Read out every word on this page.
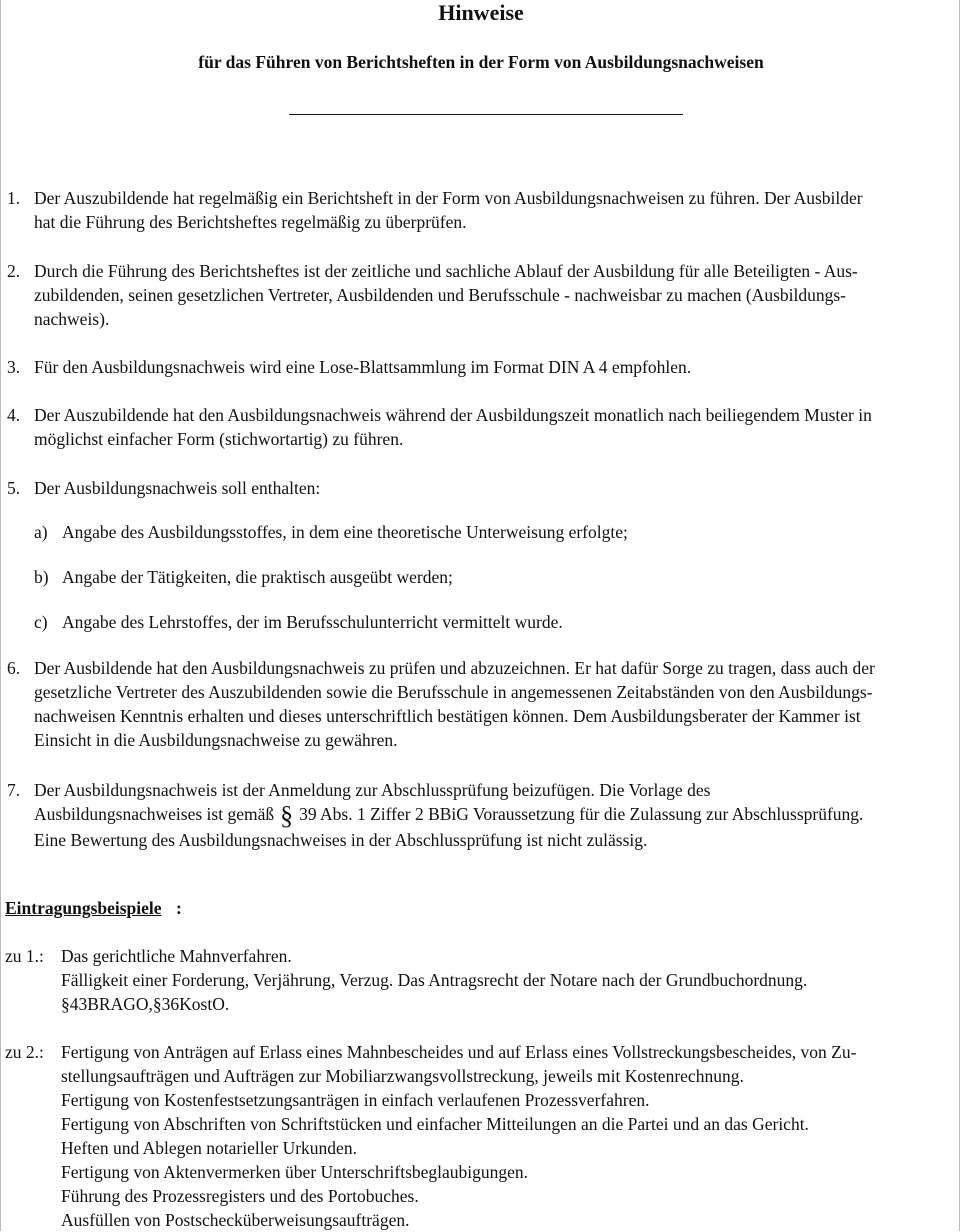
Hinweise
für das Führen von Berichtsheften in der Form von Ausbildungsnachweisen
1. Der Auszubildende hat regelmäßig ein Berichtsheft in der Form von Ausbildungsnachweisen zu führen. Der Ausbilder
hat die Führung des Berichtsheftes regelmäßig zu überprüfen.
2. Durch die Führung des Berichtsheftes ist der zeitliche und sachliche Ablauf der Ausbildung für alle Beteiligten - Aus-
zubildenden, seinen gesetzlichen Vertreter, Ausbildenden und Berufsschule - nachweisbar zu machen (Ausbildungs-
nachweis).
3. Für den Ausbildungsnachweis wird eine Lose-Blattsammlung im Format DIN A 4 empfohlen.
4. Der Auszubildende hat den Ausbildungsnachweis während der Ausbildungszeit monatlich nach beiliegendem Muster in
möglichst einfacher Form (stichwortartig) zu führen.
5. Der Ausbildungsnachweis soll enthalten:
a) Angabe des Ausbildungsstoffes, in dem eine theoretische Unterweisung erfolgte;
b) Angabe der Tätigkeiten, die praktisch ausgeübt werden;
c) Angabe des Lehrstoffes, der im Berufsschulunterricht vermittelt wurde.
6. Der Ausbildende hat den Ausbildungsnachweis zu prüfen und abzuzeichnen. Er hat dafür Sorge zu tragen, dass auch der
gesetzliche Vertreter des Auszubildenden sowie die Berufsschule in angemessenen Zeitabständen von den Ausbildungs-
nachweisen Kenntnis erhalten und dieses unterschriftlich bestätigen können. Dem Ausbildungsberater der Kammer ist
Einsicht in die Ausbildungsnachweise zu gewähren.
7. Der Ausbildungsnachweis ist der Anmeldung zur Abschlussprüfung beizufügen. Die Vorlage des
Ausbildungsnachweises ist gemäß § 39 Abs. 1 Ziffer 2 BBiG Voraussetzung für die Zulassung zur Abschlussprüfung.
Eine Bewertung des Ausbildungsnachweises in der Abschlussprüfung ist nicht zulässig.
Eintragungsbeispiele :
zu 1.: Das gerichtliche Mahnverfahren.
Fälligkeit einer Forderung, Verjährung, Verzug. Das Antragsrecht der Notare nach der Grundbuchordnung.
§43BRAGO,§36KostO.
zu 2.: Fertigung von Anträgen auf Erlass eines Mahnbescheides und auf Erlass eines Vollstreckungsbescheides, von Zu-
stellungsaufträgen und Aufträgen zur Mobiliarzwangsvollstreckung, jeweils mit Kostenrechnung.
Fertigung von Kostenfestsetzungsanträgen in einfach verlaufenen Prozessverfahren.
Fertigung von Abschriften von Schriftstücken und einfacher Mitteilungen an die Partei und an das Gericht.
Heften und Ablegen notarieller Urkunden.
Fertigung von Aktenvermerken über Unterschriftsbeglaubigungen.
Führung des Prozessregisters und des Portobuches.
Ausfüllen von Postschecküberweisungsaufträgen.
